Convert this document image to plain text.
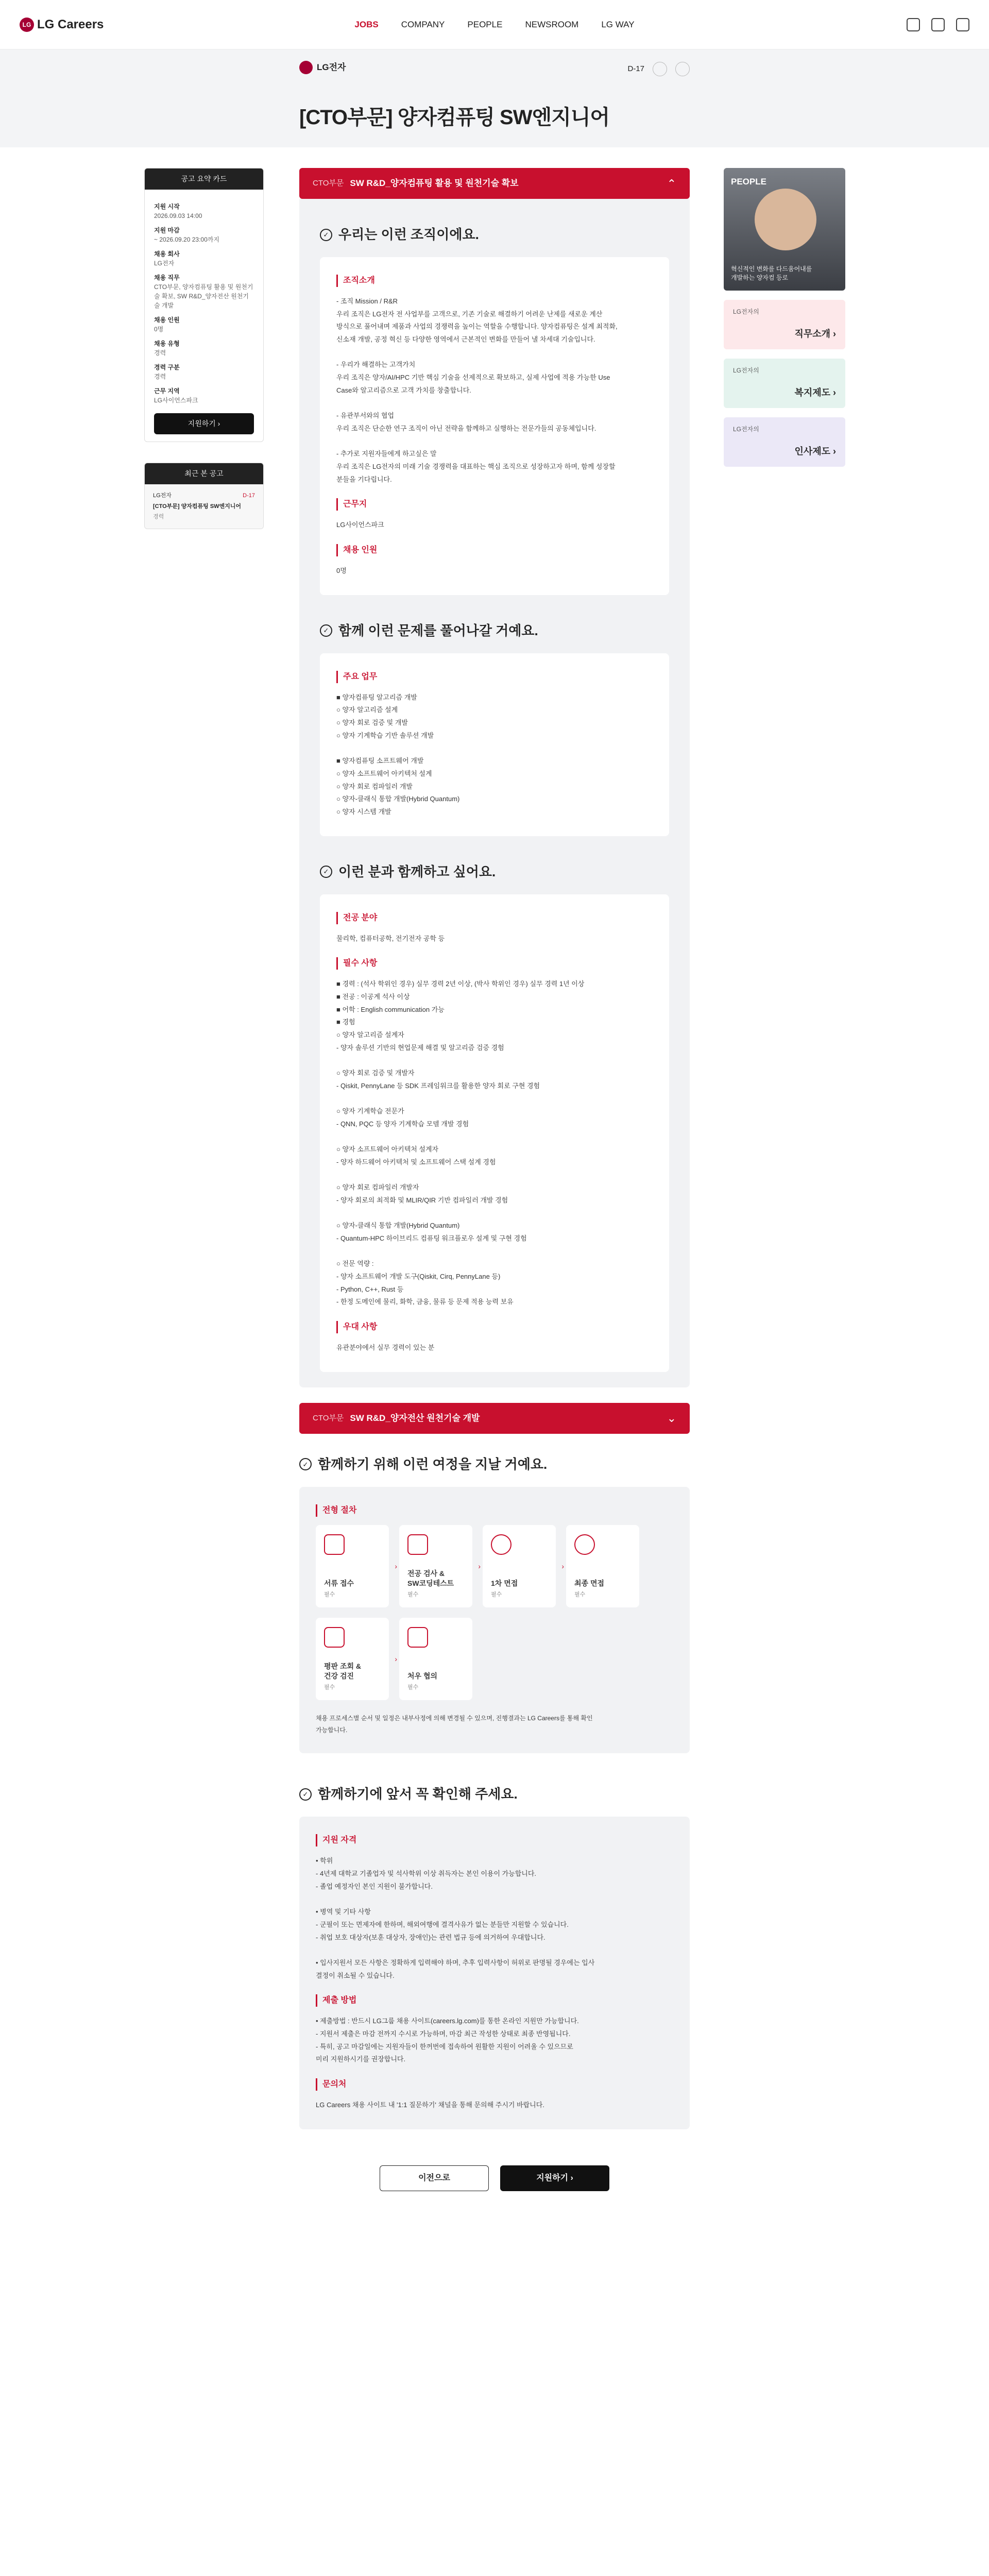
LG LG Careers	JOBS	COMPANY	PEOPLE	NEWSROOM	LG WAY
LG전자	D-17
[CTO부문] 양자컴퓨팅 SW엔지니어
공고 요약 카드
지원 시작
2026.09.03 14:00
지원 마감
~ 2026.09.20 23:00까지
채용 회사
LG전자
채용 직무
CTO부문, 양자컴퓨팅 활용 및 원천기술 확보, SW R&D_양자전산 원천기술 개발
채용 인원
0명
채용 유형
경력
경력 구분
경력
근무 지역
LG사이언스파크
지원하기 ›
최근 본 공고
LG전자	D-17
[CTO부문] 양자컴퓨팅 SW엔지니어
경력
CTO부문 SW R&D_양자컴퓨팅 활용 및 원천기술 확보	⌃
✓ 우리는 이런 조직이에요.
조직소개

- 조직 Mission / R&R
우리 조직은 LG전자 전 사업부를 고객으로, 기존 기술로 해결하기 어려운 난제를 새로운 계산
방식으로 풀어내며 제품과 사업의 경쟁력을 높이는 역할을 수행합니다. 양자컴퓨팅은 설계 최적화,
신소재 개발, 공정 혁신 등 다양한 영역에서 근본적인 변화를 만들어 낼 차세대 기술입니다.

- 우리가 해결하는 고객가치
우리 조직은 양자/AI/HPC 기반 핵심 기술을 선제적으로 확보하고, 실제 사업에 적용 가능한 Use
Case와 알고리즘으로 고객 가치를 창출합니다.

- 유관부서와의 협업
우리 조직은 단순한 연구 조직이 아닌 전략을 함께하고 실행하는 전문가들의 공동체입니다.

- 추가로 지원자들에게 하고싶은 말
우리 조직은 LG전자의 미래 기술 경쟁력을 대표하는 핵심 조직으로 성장하고자 하며, 함께 성장할
분들을 기다립니다.

근무지

LG사이언스파크

채용 인원

0명

✓ 함께 이런 문제를 풀어나갈 거예요.
주요 업무

■ 양자컴퓨팅 알고리즘 개발
○ 양자 알고리즘 설계
○ 양자 회로 검증 및 개발
○ 양자 기계학습 기반 솔루션 개발

■ 양자컴퓨팅 소프트웨어 개발
○ 양자 소프트웨어 아키텍처 설계
○ 양자 회로 컴파일러 개발
○ 양자-클래식 통합 개발(Hybrid Quantum)
○ 양자 시스템 개발

✓ 이런 분과 함께하고 싶어요.
전공 분야

물리학, 컴퓨터공학, 전기전자 공학 등

필수 사항

■ 경력 : (석사 학위인 경우) 실무 경력 2년 이상, (박사 학위인 경우) 실무 경력 1년 이상
■ 전공 : 이공계 석사 이상
■ 어학 : English communication 가능
■ 경험
○ 양자 알고리즘 설계자
- 양자 솔루션 기반의 현업문제 해결 및 알고리즘 검증 경험

○ 양자 회로 검증 및 개발자
- Qiskit, PennyLane 등 SDK 프레임워크를 활용한 양자 회로 구현 경험

○ 양자 기계학습 전문가
- QNN, PQC 등 양자 기계학습 모델 개발 경험

○ 양자 소프트웨어 아키텍처 설계자
- 양자 하드웨어 아키텍처 및 소프트웨어 스택 설계 경험

○ 양자 회로 컴파일러 개발자
- 양자 회로의 최적화 및 MLIR/QIR 기반 컴파일러 개발 경험

○ 양자-클래식 통합 개발(Hybrid Quantum)
- Quantum-HPC 하이브리드 컴퓨팅 워크플로우 설계 및 구현 경험

○ 전문 역량 :
- 양자 소프트웨어 개발 도구(Qiskit, Cirq, PennyLane 등)
- Python, C++, Rust 등
- 한정 도메인에 물리, 화학, 금융, 물류 등 문제 적용 능력 보유

우대 사항

유관분야에서 실무 경력이 있는 분

CTO부문 SW R&D_양자전산 원천기술 개발	⌄
✓ 함께하기 위해 이런 여정을 지날 거예요.
전형 절차
서류 접수
필수
›
전공 검사 &
SW코딩테스트
필수
›
1차 면접
필수
›
최종 면접
필수
평판 조회 &
건강 검진
필수
›
처우 협의
필수

채용 프로세스별 순서 및 일정은 내부사정에 의해 변경될 수 있으며, 진행결과는 LG Careers를 통해 확인
가능합니다.

✓ 함께하기에 앞서 꼭 확인해 주세요.
지원 자격

• 학위
- 4년제 대학교 기졸업자 및 석사학위 이상 취득자는 본인 이용이 가능합니다.
- 졸업 예정자인 본인 지원이 불가합니다.

• 병역 및 기타 사항
- 군필이 또는 면제자에 한하며, 해외여행에 결격사유가 없는 분들만 지원할 수 있습니다.
- 취업 보호 대상자(보훈 대상자, 장애인)는 관련 법규 등에 의거하여 우대합니다.

• 입사지원서 모든 사항은 정확하게 입력해야 하며, 추후 입력사항이 허위로 판명될 경우에는 입사
결정이 취소될 수 있습니다.

제출 방법

• 제출방법 : 반드시 LG그룹 채용 사이트(careers.lg.com)를 통한 온라인 지원만 가능합니다.
- 지원서 제출은 마감 전까지 수시로 가능하며, 마감 최근 작성한 상태로 최종 반영됩니다.
- 특히, 공고 마감일에는 지원자들이 한꺼번에 접속하여 원활한 지원이 어려울 수 있으므로
미리 지원하시기를 권장합니다.

문의처

LG Careers 채용 사이트 내 '1:1 질문하기' 채널을 통해 문의해 주시기 바랍니다.

이전으로	지원하기 ›
PEOPLE
혁신적인 변화를 다드움어내를
개발하는 양자컴 등로
LG전자의
직무소개 ›
LG전자의
복지제도 ›
LG전자의
인사제도 ›
